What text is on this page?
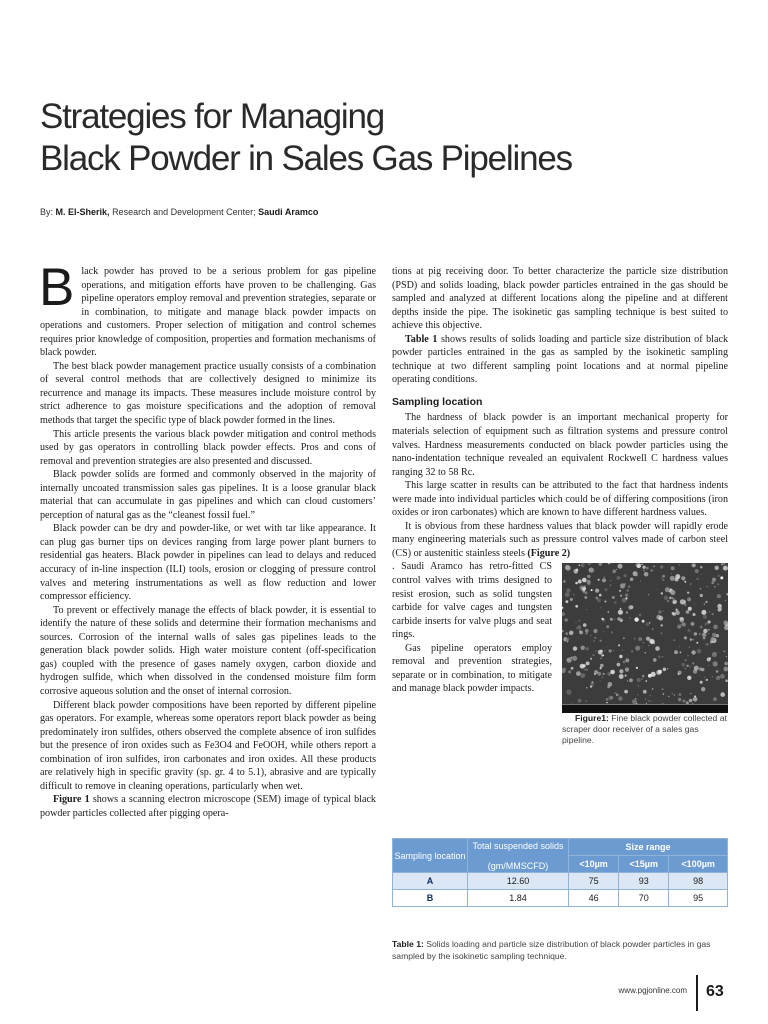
Strategies for Managing
Black Powder in Sales Gas Pipelines
By: M. El-Sherik, Research and Development Center; Saudi Aramco

Black powder has proved to be a serious problem for gas pipeline operations, and mitigation efforts have proven to be challenging. Gas pipeline operators employ removal and prevention strategies, separate or in combination, to mitigate and manage black powder impacts on operations and customers. Proper selection of mitigation and control schemes requires prior knowledge of composition, properties and formation mechanisms of black powder.

The best black powder management practice usually consists of a combination of several control methods that are collectively designed to minimize its recurrence and manage its impacts. These measures include moisture control by strict adherence to gas moisture specifications and the adoption of removal methods that target the specific type of black powder formed in the lines.

This article presents the various black powder mitigation and control methods used by gas operators in controlling black powder effects. Pros and cons of removal and prevention strategies are also presented and discussed.

Black powder solids are formed and commonly observed in the majority of internally uncoated transmission sales gas pipelines. It is a loose granular black material that can accumulate in gas pipelines and which can cloud customers’ perception of natural gas as the “cleanest fossil fuel.”

Black powder can be dry and powder-like, or wet with tar like appearance. It can plug gas burner tips on devices ranging from large power plant burners to residential gas heaters. Black powder in pipelines can lead to delays and reduced accuracy of in-line inspection (ILI) tools, erosion or clogging of pressure control valves and metering instrumentations as well as flow reduction and lower compressor efficiency.

To prevent or effectively manage the effects of black powder, it is essential to identify the nature of these solids and determine their formation mechanisms and sources. Corrosion of the internal walls of sales gas pipelines leads to the generation black powder solids. High water moisture content (off-specification gas) coupled with the presence of gases namely oxygen, carbon dioxide and hydrogen sulfide, which when dissolved in the condensed moisture film form corrosive aqueous solution and the onset of internal corrosion.

Different black powder compositions have been reported by different pipeline gas operators. For example, whereas some operators report black powder as being predominately iron sulfides, others observed the complete absence of iron sulfides but the presence of iron oxides such as Fe3O4 and FeOOH, while others report a combination of iron sulfides, iron carbonates and iron oxides. All these products are relatively high in specific gravity (sp. gr. 4 to 5.1), abrasive and are typically difficult to remove in cleaning operations, particularly when wet.

Figure 1 shows a scanning electron microscope (SEM) image of typical black powder particles collected after pigging opera-

tions at pig receiving door. To better characterize the particle size distribution (PSD) and solids loading, black powder particles entrained in the gas should be sampled and analyzed at different locations along the pipeline and at different depths inside the pipe. The isokinetic gas sampling technique is best suited to achieve this objective.

Table 1 shows results of solids loading and particle size distribution of black powder particles entrained in the gas as sampled by the isokinetic sampling technique at two different sampling point locations and at normal pipeline operating conditions.

Sampling location

The hardness of black powder is an important mechanical property for materials selection of equipment such as filtration systems and pressure control valves. Hardness measurements conducted on black powder particles using the nano-indentation technique revealed an equivalent Rockwell C hardness values ranging 32 to 58 Rc.

This large scatter in results can be attributed to the fact that hardness indents were made into individual particles which could be of differing compositions (iron oxides or iron carbonates) which are known to have different hardness values.

It is obvious from these hardness values that black powder will rapidly erode many engineering materials such as pressure control valves made of carbon steel (CS) or austenitic stainless steels (Figure 2)

Figure1: Fine black powder collected at scraper door receiver of a sales gas pipeline.

. Saudi Aramco has retro-fitted CS control valves with trims designed to resist erosion, such as solid tungsten carbide for valve cages and tungsten carbide inserts for valve plugs and seat rings.

Gas pipeline operators employ removal and prevention strategies, separate or in combination, to mitigate and manage black powder impacts.

Sampling location	Total suspended solids
(gm/MMSCFD)	Size range		
		<10µm	<15µm	<100µm
A	12.60	75	93	98
B	1.84	46	70	95
Table 1: Solids loading and particle size distribution of black powder particles in gas sampled by the isokinetic sampling technique.
www.pgjonline.com 63
